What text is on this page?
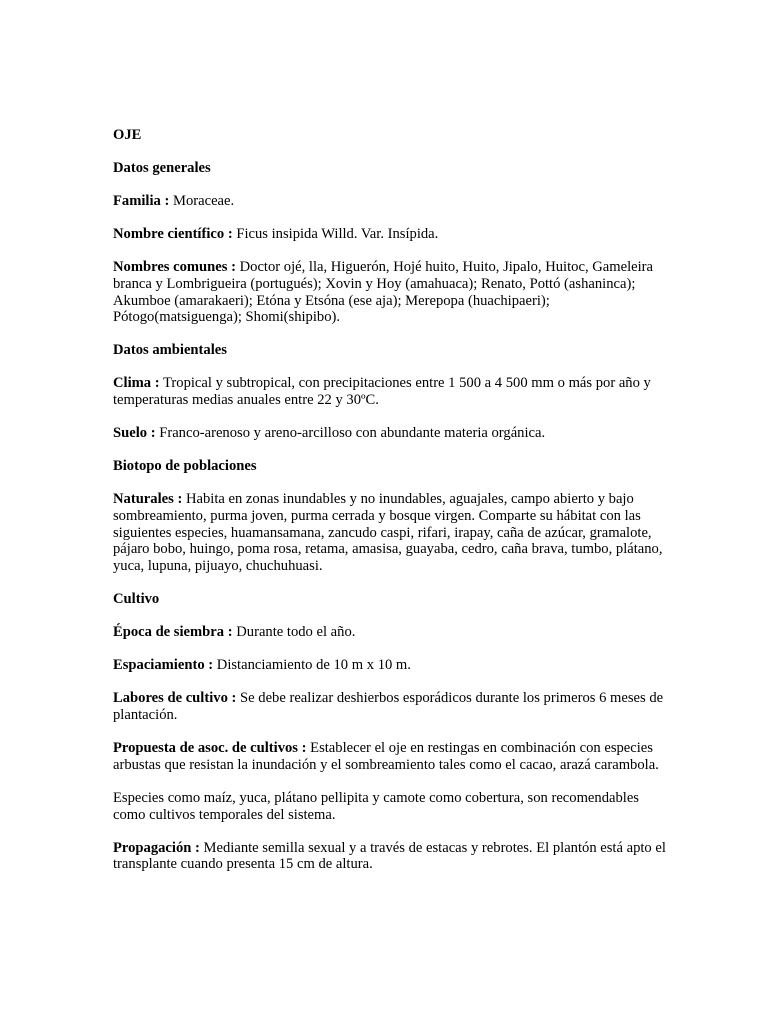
OJE

Datos generales

Familia : Moraceae.

Nombre científico : Ficus insipida Willd. Var. Insípida.

Nombres comunes : Doctor ojé, lla, Higuerón, Hojé huito, Huito, Jipalo, Huitoc, Gameleira branca y Lombrigueira (portugués); Xovin y Hoy (amahuaca); Renato, Pottó (ashaninca); Akumboe (amarakaeri); Etóna y Etsóna (ese aja); Merepopa (huachipaeri); Pótogo(matsiguenga); Shomi(shipibo).

Datos ambientales

Clima : Tropical y subtropical, con precipitaciones entre 1 500 a 4 500 mm o más por año y temperaturas medias anuales entre 22 y 30ºC.

Suelo : Franco-arenoso y areno-arcilloso con abundante materia orgánica.

Biotopo de poblaciones

Naturales : Habita en zonas inundables y no inundables, aguajales, campo abierto y bajo sombreamiento, purma joven, purma cerrada y bosque virgen. Comparte su hábitat con las siguientes especies, huamansamana, zancudo caspi, rifari, irapay, caña de azúcar, gramalote, pájaro bobo, huingo, poma rosa, retama, amasisa, guayaba, cedro, caña brava, tumbo, plátano, yuca, lupuna, pijuayo, chuchuhuasi.

Cultivo

Época de siembra : Durante todo el año.

Espaciamiento : Distanciamiento de 10 m x 10 m.

Labores de cultivo : Se debe realizar deshierbos esporádicos durante los primeros 6 meses de plantación.

Propuesta de asoc. de cultivos : Establecer el oje en restingas en combinación con especies arbustas que resistan la inundación y el sombreamiento tales como el cacao, arazá carambola.

Especies como maíz, yuca, plátano pellipita y camote como cobertura, son recomendables como cultivos temporales del sistema.

Propagación : Mediante semilla sexual y a través de estacas y rebrotes. El plantón está apto el transplante cuando presenta 15 cm de altura.
